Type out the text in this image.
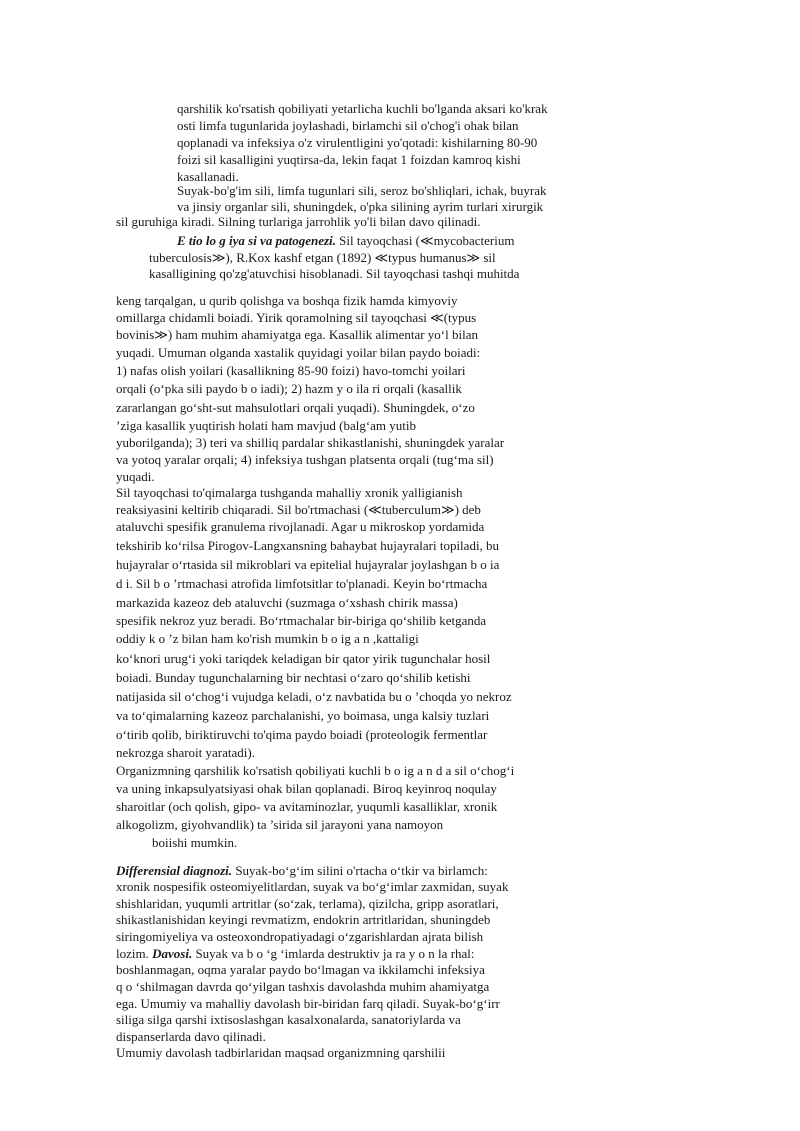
qarshilik ko'rsatish qobiliyati yetarlicha kuchli bo'lganda aksari ko'krak
osti limfa tugunlarida joylashadi, birlamchi sil o'chog'i ohak bilan
qoplanadi va infeksiya o'z virulentligini yo'qotadi: kishilarning 80-90
foizi sil kasalligini yuqtirsa-da, lekin faqat 1 foizdan kamroq kishi
kasallanadi.
Suyak-bo'g'im sili, limfa tugunlari sili, seroz bo'shliqlari, ichak, buyrak
va jinsiy organlar sili, shuningdek, o'pka silining ayrim turlari xirurgik
sil guruhiga kiradi. Silning turlariga jarrohlik yo'li bilan davo qilinadi.
E tio lo g iya si va patogenezi. Sil tayoqchasi (≪mycobacterium
tuberculosis≫), R.Kox kashf etgan (1892) ≪typus humanus≫ sil
kasalligining qo'zg'atuvchisi hisoblanadi. Sil tayoqchasi tashqi muhitda
keng tarqalgan, u qurib qolishga va boshqa fizik hamda kimyoviy
omillarga chidamli boiadi. Yirik qoramolning sil tayoqchasi ≪(typus
bovinis≫) ham muhim ahamiyatga ega. Kasallik alimentar yo‘l bilan
yuqadi. Umuman olganda xastalik quyidagi yoilar bilan paydo boiadi:
1) nafas olish yoilari (kasallikning 85-90 foizi) havo-tomchi yoilari
orqali (o‘pka sili paydo b o iadi); 2) hazm y o ila ri orqali (kasallik
zararlangan go‘sht-sut mahsulotlari orqali yuqadi). Shuningdek, o‘zo
’ziga kasallik yuqtirish holati ham mavjud (balg‘am yutib
yuborilganda); 3) teri va shilliq pardalar shikastlanishi, shuningdek yaralar
va yotoq yaralar orqali; 4) infeksiya tushgan platsenta orqali (tug‘ma sil)
yuqadi.
Sil tayoqchasi to'qimalarga tushganda mahalliy xronik yalligianish
reaksiyasini keltirib chiqaradi. Sil bo'rtmachasi (≪tuberculum≫) deb
ataluvchi spesifik granulema rivojlanadi. Agar u mikroskop yordamida
tekshirib ko‘rilsa Pirogov-Langxansning bahaybat hujayralari topiladi, bu
hujayralar o‘rtasida sil mikroblari va epitelial hujayralar joylashgan b o ia
d i. Sil b o ’rtmachasi atrofida limfotsitlar to'planadi. Keyin bo‘rtmacha
markazida kazeoz deb ataluvchi (suzmaga o‘xshash chirik massa)
spesifik nekroz yuz beradi. Bo‘rtmachalar bir-biriga qo‘shilib ketganda
oddiy k o ’z bilan ham ko'rish mumkin b o ig a n ,kattaligi
ko‘knori urug‘i yoki tariqdek keladigan bir qator yirik tugunchalar hosil
boiadi. Bunday tugunchalarning bir nechtasi o‘zaro qo‘shilib ketishi
natijasida sil o‘chog‘i vujudga keladi, o‘z navbatida bu o ’choqda yo nekroz
va to‘qimalarning kazeoz parchalanishi, yo boimasa, unga kalsiy tuzlari
o‘tirib qolib, biriktiruvchi to'qima paydo boiadi (proteologik fermentlar
nekrozga sharoit yaratadi).
Organizmning qarshilik ko'rsatish qobiliyati kuchli b o ig a n d a sil o‘chog‘i
va uning inkapsulyatsiyasi ohak bilan qoplanadi. Biroq keyinroq noqulay
sharoitlar (och qolish, gipo- va avitaminozlar, yuqumli kasalliklar, xronik
alkogolizm, giyohvandlik) ta ’sirida sil jarayoni yana namoyon
boiishi mumkin.
Differensial diagnozi. Suyak-bo‘g‘im silini o'rtacha o‘tkir va birlamch:
xronik nospesifik osteomiyelitlardan, suyak va bo‘g‘imlar zaxmidan, suyak
shishlaridan, yuqumli artritlar (so‘zak, terlama), qizilcha, gripp asoratlari,
shikastlanishidan keyingi revmatizm, endokrin artritlaridan, shuningdeb
siringomiyeliya va osteoxondropatiyadagi o‘zgarishlardan ajrata bilish
lozim. Davosi. Suyak va b o ‘g ‘imlarda destruktiv ja ra y o n la rhal:
boshlanmagan, oqma yaralar paydo bo‘lmagan va ikkilamchi infeksiya
q o ‘shilmagan davrda qo‘yilgan tashxis davolashda muhim ahamiyatga
ega. Umumiy va mahalliy davolash bir-biridan farq qiladi. Suyak-bo‘g‘irr
siliga silga qarshi ixtisoslashgan kasalxonalarda, sanatoriylarda va
dispanserlarda davo qilinadi.
Umumiy davolash tadbirlaridan maqsad organizmning qarshilii
